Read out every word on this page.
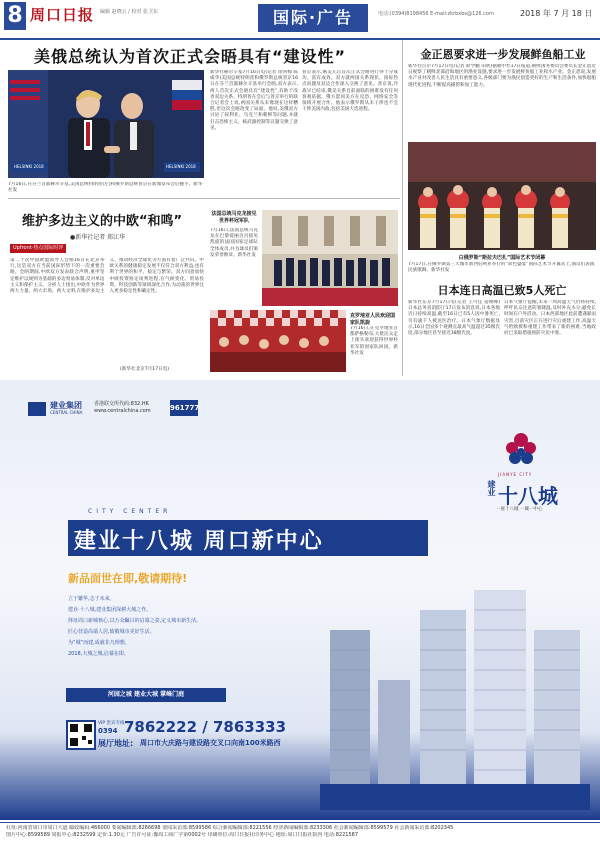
8 周口日报 编辑 赵晓云 / 校对 张卫东	国际·广告	电话:(0394)8198456 E-mail:zkrbxbs@126.com	2018 年 7 月 18 日
美俄总统认为首次正式会晤具有“建设性”
HELSINKI 2018	HELSINKI 2018
7月16日,在芬兰首都赫尔辛基,美国总统特朗普(左)和俄罗斯总统普京在新闻发布会后握手。新华社发
新华社赫尔辛基7月16日电(记者 徐剑梅 陈威华)美国总统特朗普和俄罗斯总统普京16日在芬兰首都赫尔辛基举行会晤,双方表示,两人首次正式会晤具有“建设性”,有助于改善双边关系。特朗普在会后与普京举行的联合记者会上说,两国关系从未像现在这样糟糕,但这次会晤改变了局面。他说,美俄双方讨论了叙利亚、乌克兰和朝鲜等问题,并就打击恐怖主义、核武器控制等议题交换了意见。
普京表示,俄美元首首次正式会晤进行得十分成功、富有成效。双方就两国关系现状、国际热点问题及双边合作深入交换了意见。普京说,冷战早已结束,俄美关系目前面临的困难没有任何客观依据。俄方愿同美方在反恐、网络安全等领域开展合作。他表示俄罗斯从未干涉也不会干涉美国内政,包括美国大选进程。
金正恩要求进一步发展鲜鱼船工业
新华社首尔7月17日电(记者 耿学鹏 田明)据朝中社17日报道,朝鲜国务委员会委员长金正恩近日视察了朝鲜北部沿海地区的渔业设施,要求进一步发展鲜鱼船工业和水产业。金正恩说,发展水产业对改善人民生活具有重要意义,各级部门要为渔民创造更好的生产和生活条件,加快船舶现代化进程,不断提高捕捞和加工能力。
白俄罗斯“斯拉夫巴扎”国际艺术节闭幕
7月17日,在俄罗斯第三大城市新西伯利亚举行的“彩色盛宴”国际艺术节开幕式上,演员们表演民族歌舞。新华社发
日本连日高温已致5人死亡
新华社东京7月17日电(记者 王可佳 姜俊峰)日本总务省消防厅17日发布消息说,日本各地近日持续高温,截至16日已有5人因中暑死亡,另有逾千人被送医治疗。日本气象厅数据显示,16日全国多个观测点最高气温超过35摄氏度,部分地区甚至接近38摄氏度。
日本气象厅提醒,未来一周高温天气仍将持续,呼吁民众注意防暑降温,及时补充水分,避免长时间在户外活动。日本西部地区此前遭遇暴雨灾害,目前灾区正在进行灾后重建工作,高温天气给救援和重建工作带来了新的困难,当地政府已采取措施预防灾民中暑。
维护多边主义的中欧“和鸣”
●新华社记者 郑江华
Upfront·热点国际时评
第二十次中国欧盟领导人会晤16日在北京举行,这是双方在当前国际形势下的一次重要会晤。会晤期间,中欧双方发表联合声明,重申坚定维护以规则为基础的多边贸易体制,反对单边主义和保护主义。分析人士指出,中欧作为世界两大力量、两大市场、两大文明,在维护多边主义、推动经济全球化等方面有着广泛共识。中欧关系的健康稳定发展不仅符合双方利益,也有利于世界的和平、稳定与繁荣。双方同意加快中欧投资协定谈判进程,在气候变化、贸易投资、科技创新等领域深化合作,为动荡的世界注入更多稳定性和确定性。
(新华社北京7月17日电)
法国总统马克龙接见世界杯冠军队
7月16日,法国总统马克龙在巴黎爱丽舍宫接见凯旋的法国国家足球队全体成员,并为球员们颁发荣誉勋章。新华社发
克罗地亚人民欢迎国家队凯旋
7月16日,在克罗地亚首都萨格勒布,大批民众走上街头欢迎获得世界杯亚军的国家队回国。新华社发
建业集团
CENTRAL CHINA
香港联交所代码:832.HK
www.centralchina.com	961777
CITY CENTER
建业十八城 周口新中心
新品面世在即,敬请期待!
立于繁华,志于未来。
建业·十八城,建业集团深耕大城之作。
择址周口新城核心,以万众瞩目的启幕之姿,定义城市新生活。
匠心营造高端人居,致敬城市美好生活。
为“城”而建,成就非凡理想。
2018,大城之城,启幕在即。
河园之城 建业大城 掌峰门庭
VIP 贵宾专线
0394 7862222 / 7863333
展厅地址: 周口市大庆路与建设路交叉口向南100米路西
JIANYE CITY
建业 十八城
一座十八城 一城一中心
社址:河南省周口市周口大道 邮政编码:466000 要闻编辑部:8266698 要闻采访部:8599586 综合新闻编辑部:8221556 经济新闻编辑部:8233306 社会新闻编辑部:8599579 社会新闻采访部:8202345
图片中心:8599589 周报中心:8232599 定价:1.30元 广告许可证:豫周工商广字第0002号 印刷单位:周口日报社印务中心 地址:周口日报社院内 电话:8221587
